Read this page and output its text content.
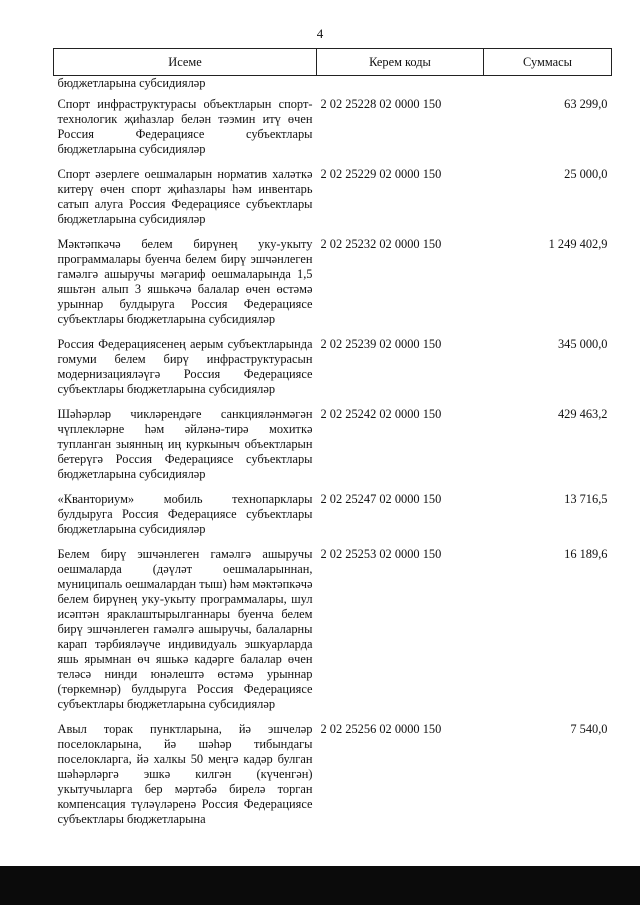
4
Исеме	Керем коды	Суммасы
бюджетларына субсидияләр		
Спорт инфраструктурасы объектларын спорт-технологик җиһазлар белән тәэмин итү өчен Россия Федерациясе субъектлары бюджетларына субсидияләр	2 02 25228 02 0000 150	63 299,0
Спорт әзерлеге оешмаларын норматив халәткә китерү өчен спорт җиһазлары һәм инвентарь сатып алуга Россия Федерациясе субъектлары бюджетларына субсидияләр	2 02 25229 02 0000 150	25 000,0
Мәктәпкәчә белем бирүнең уку-укыту программалары буенча белем бирү эшчәнлеген гамәлгә ашыручы мәгариф оешмаларында 1,5 яшьтән алып 3 яшькәчә балалар өчен өстәмә урыннар булдыруга Россия Федерациясе субъектлары бюджетларына субсидияләр	2 02 25232 02 0000 150	1 249 402,9
Россия Федерациясенең аерым субъектларында гомуми белем бирү инфраструктурасын модернизацияләүгә Россия Федерациясе субъектлары бюджетларына субсидияләр	2 02 25239 02 0000 150	345 000,0
Шәһәрләр чикләрендәге санкцияләнмәгән чүплекләрне һәм әйләнә-тирә мохиткә тупланган зыянның иң куркыныч объектларын бетерүгә Россия Федерациясе субъектлары бюджетларына субсидияләр	2 02 25242 02 0000 150	429 463,2
«Кванториум» мобиль технопарклары булдыруга Россия Федерациясе субъектлары бюджетларына субсидияләр	2 02 25247 02 0000 150	13 716,5
Белем бирү эшчәнлеген гамәлгә ашыручы оешмаларда (дәүләт оешмаларыннан, муниципаль оешмалардан тыш) һәм мәктәпкәчә белем бирүнең уку-укыту программалары, шул исәптән яраклаштырылганнары буенча белем бирү эшчәнлеген гамәлгә ашыручы, балаларны карап тәрбияләүче индивидуаль эшкуарларда яшь ярымнан өч яшькә кадәрге балалар өчен теләсә нинди юнәлештә өстәмә урыннар (төркемнәр) булдыруга Россия Федерациясе субъектлары бюджетларына субсидияләр	2 02 25253 02 0000 150	16 189,6
Авыл торак пунктларына, йә эшчеләр поселокларына, йә шәһәр тибындагы поселокларга, йә халкы 50 меңгә кадәр булган шәһәрләргә эшкә килгән (күченгән) укытучыларга бер мәртәбә бирелә торган компенсация түләүләренә Россия Федерациясе субъектлары бюджетларына	2 02 25256 02 0000 150	7 540,0
